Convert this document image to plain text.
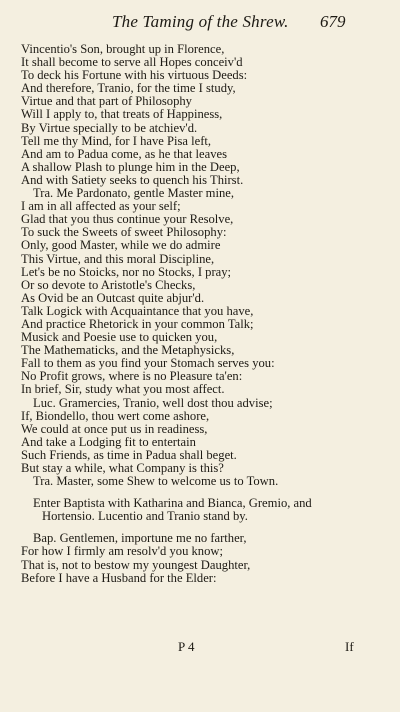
The Taming of the Shrew. 679
Vincentio's Son, brought up in Florence,
It shall become to serve all Hopes conceiv'd
To deck his Fortune with his virtuous Deeds:
And therefore, Tranio, for the time I study,
Virtue and that part of Philosophy
Will I apply to, that treats of Happiness,
By Virtue specially to be atchiev'd.
Tell me thy Mind, for I have Pisa left,
And am to Padua come, as he that leaves
A shallow Plash to plunge him in the Deep,
And with Satiety seeks to quench his Thirst.
Tra. Me Pardonato, gentle Master mine,
I am in all affected as your self;
Glad that you thus continue your Resolve,
To suck the Sweets of sweet Philosophy:
Only, good Master, while we do admire
This Virtue, and this moral Discipline,
Let's be no Stoicks, nor no Stocks, I pray;
Or so devote to Aristotle's Checks,
As Ovid be an Outcast quite abjur'd.
Talk Logick with Acquaintance that you have,
And practice Rhetorick in your common Talk;
Musick and Poesie use to quicken you,
The Mathematicks, and the Metaphysicks,
Fall to them as you find your Stomach serves you:
No Profit grows, where is no Pleasure ta'en:
In brief, Sir, study what you most affect.
Luc. Gramercies, Tranio, well dost thou advise;
If, Biondello, thou wert come ashore,
We could at once put us in readiness,
And take a Lodging fit to entertain
Such Friends, as time in Padua shall beget.
But stay a while, what Company is this?
Tra. Master, some Shew to welcome us to Town.
Enter Baptista with Katharina and Bianca, Gremio, and
Hortensio. Lucentio and Tranio stand by.
Bap. Gentlemen, importune me no farther,
For how I firmly am resolv'd you know;
That is, not to bestow my youngest Daughter,
Before I have a Husband for the Elder:
P 4	If
